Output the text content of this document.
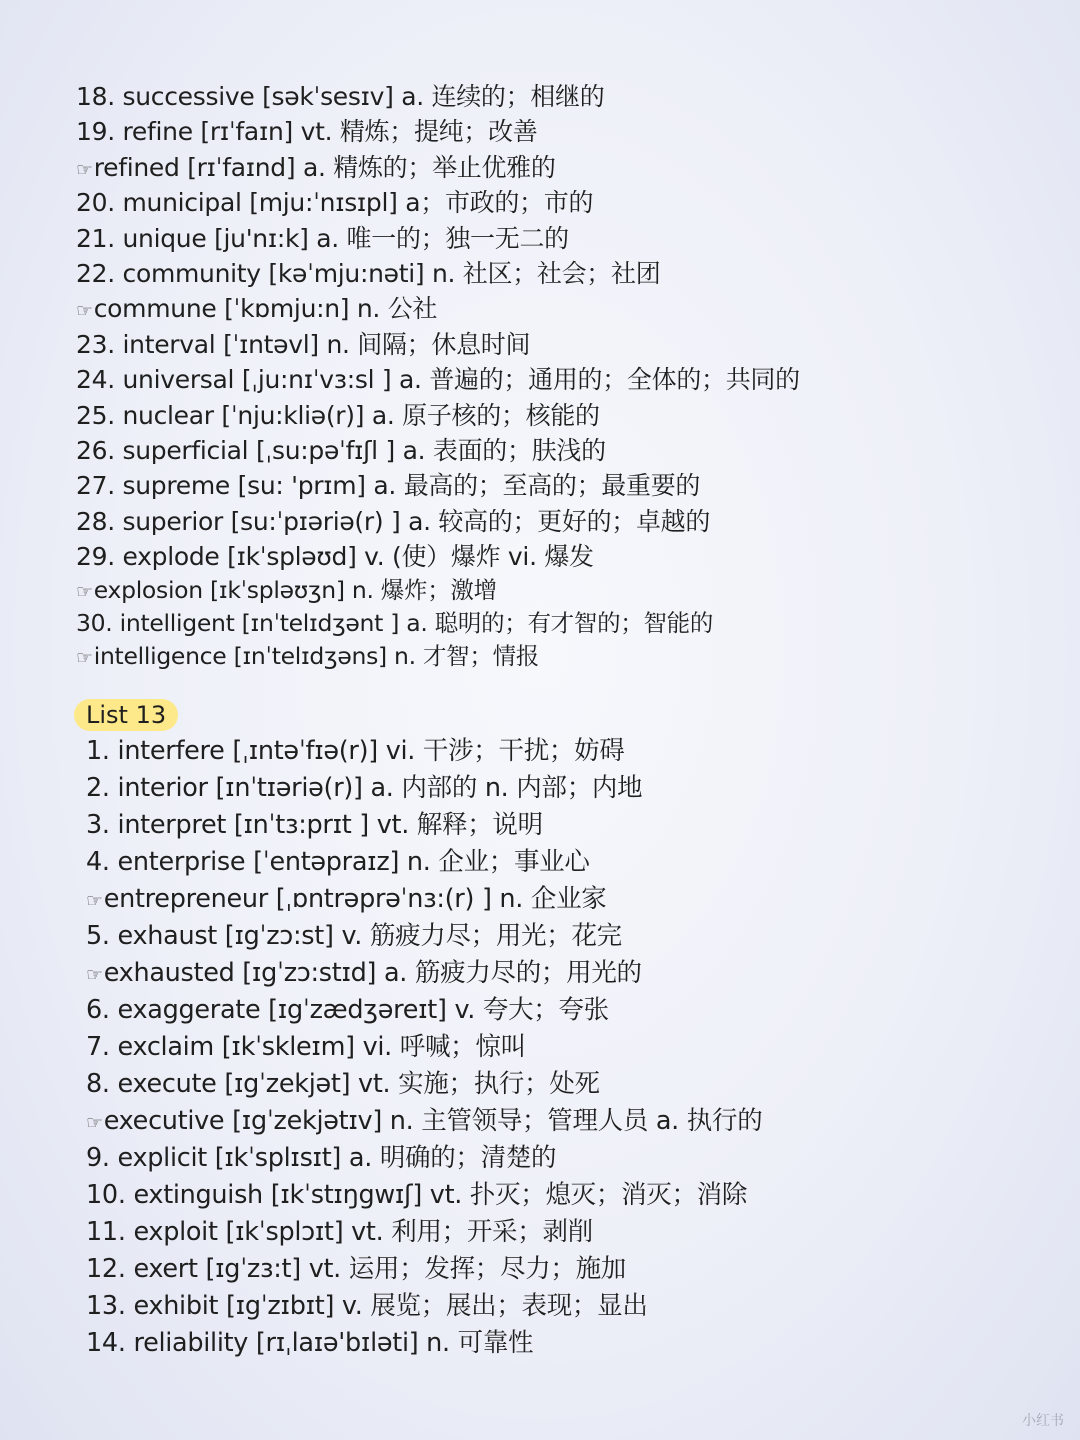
18. successive [səkˈsesɪv] a. 连续的；相继的
19. refine [rɪˈfaɪn] vt. 精炼；提纯；改善
☞refined [rɪˈfaɪnd] a. 精炼的；举止优雅的
20. municipal [mju:ˈnɪsɪpl] a；市政的；市的
21. unique [ju'nɪ:k] a. 唯一的；独一无二的
22. community [kəˈmju:nəti] n. 社区；社会；社团
☞commune [ˈkɒmju:n] n. 公社
23. interval [ˈɪntəvl] n. 间隔；休息时间
24. universal [ˌju:nɪˈvɜ:sl ] a. 普遍的；通用的；全体的；共同的
25. nuclear [ˈnju:kliə(r)] a. 原子核的；核能的
26. superficial [ˌsu:pəˈfɪʃl ] a. 表面的；肤浅的
27. supreme [su: 'prɪm] a. 最高的；至高的；最重要的
28. superior [su:ˈpɪəriə(r) ] a. 较高的；更好的；卓越的
29. explode [ɪkˈspləʊd] v. (使）爆炸 vi. 爆发
☞explosion [ɪkˈspləʊʒn] n. 爆炸；激增
30. intelligent [ɪnˈtelɪdʒənt ] a. 聪明的；有才智的；智能的
☞intelligence [ɪnˈtelɪdʒəns] n. 才智；情报
List 13
1. interfere [ˌɪntəˈfɪə(r)] vi. 干涉；干扰；妨碍
2. interior [ɪnˈtɪəriə(r)] a. 内部的 n. 内部；内地
3. interpret [ɪnˈtɜ:prɪt ] vt. 解释；说明
4. enterprise [ˈentəpraɪz] n. 企业；事业心
☞entrepreneur [ˌɒntrəprəˈnɜ:(r) ] n. 企业家
5. exhaust [ɪgˈzɔ:st] v. 筋疲力尽；用光；花完
☞exhausted [ɪgˈzɔ:stɪd] a. 筋疲力尽的；用光的
6. exaggerate [ɪgˈzædʒəreɪt] v. 夸大；夸张
7. exclaim [ɪkˈskleɪm] vi. 呼喊；惊叫
8. execute [ɪgˈzekjət] vt. 实施；执行；处死
☞executive [ɪgˈzekjətɪv] n. 主管领导；管理人员 a. 执行的
9. explicit [ɪkˈsplɪsɪt] a. 明确的；清楚的
10. extinguish [ɪkˈstɪŋgwɪʃ] vt. 扑灭；熄灭；消灭；消除
11. exploit [ɪkˈsplɔɪt] vt. 利用；开采；剥削
12. exert [ɪgˈzɜ:t] vt. 运用；发挥；尽力；施加
13. exhibit [ɪgˈzɪbɪt] v. 展览；展出；表现；显出
14. reliability [rɪˌlaɪə'bɪləti] n. 可靠性
小红书
